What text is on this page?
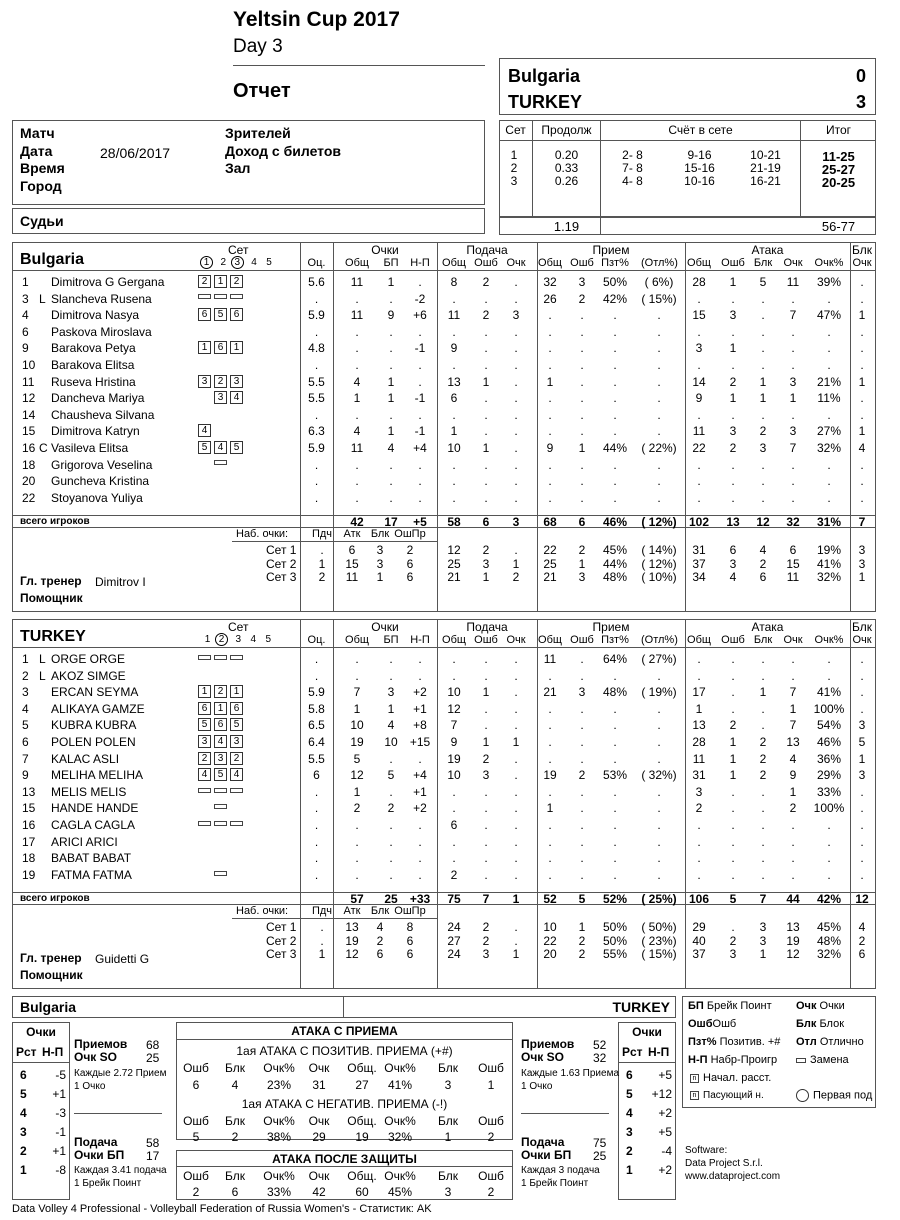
Yeltsin Cup 2017
Day 3
Отчет
Bulgaria	0
TURKEY	3
Сет	Продолж	Счёт в сете	Итог
1	0.20	2- 8	9-16	10-21	11-25
2	0.33	7- 8	15-16	21-19	25-27
3	0.26	4- 8	10-16	16-21	20-25
1.19	56-77
Матч
Дата	28/06/2017
Время
Город
Зрителей
Доход с билетов
Зал
Судьи
Bulgaria
Сет
1 2 3 4 5	Оц.
Очки	Подача	Прием	Атака	Блк
Общ	БП	Н-П	Общ Ошб Очк	Общ Ошб Пзт%	(Отл%) Общ Ошб Блк	Очк	Очк% Очк
1 Dimitrova G Gergana	2 1 2	5.6	11	1	.	8	2	.	32	3	50%	( 6%)	28	1	5	11	39%	.
3 L Slancheva Rusena	.	.	.	-2	.	.	.	26	2	42%	( 15%)	.	.	.	.	.	.
4 Dimitrova Nasya	6 5 6	5.9	11	9	+6	11	2	3	.	.	.	.	15	3	.	7	47%	1
6 Paskova Miroslava	.	.	.	.	.	.	.	.	.	.	.	.	.	.	.	.	.
9 Barakova Petya	1 6 1	4.8	.	.	-1	9	.	.	.	.	.	.	3	1	.	.	.	.
10 Barakova Elitsa	.	.	.	.	.	.	.	.	.	.	.	.	.	.	.	.	.
11 Ruseva Hristina	3 2 3	5.5	4	1	.	13	1	.	1	.	.	.	14	2	1	3	21%	1
12 Dancheva Mariya	3 4	5.5	1	1	-1	6	.	.	.	.	.	.	9	1	1	1	11%	.
14 Chausheva Silvana	.	.	.	.	.	.	.	.	.	.	.	.	.	.	.	.	.
15 Dimitrova Katryn	4	6.3	4	1	-1	1	.	.	.	.	.	.	11	3	2	3	27%	1
16 C Vasileva Elitsa	5 4 5	5.9	11	4	+4	10	1	.	9	1	44%	( 22%)	22	2	3	7	32%	4
18 Grigorova Veselina	.	.	.	.	.	.	.	.	.	.	.	.	.	.	.	.	.
20 Guncheva Kristina	.	.	.	.	.	.	.	.	.	.	.	.	.	.	.	.	.
22 Stoyanova Yuliya	.	.	.	.	.	.	.	.	.	.	.	.	.	.	.	.	.
всего игроков	42	17	+5	58	6	3	68	6	46%	( 12%)	102	13	12	32	31%	7
Наб. очки:	Пдч	Атк Блк ОшПр
Сет 1	.	6	3	2	12	2	.	22	2	45%	( 14%)	31	6	4	6	19%	3
Сет 2	1	15	3	6	25	3	1	25	1	44%	( 12%)	37	3	2	15	41%	3
Сет 3	2	11	1	6	21	1	2	21	3	48%	( 10%)	34	4	6	11	32%	1
Гл. тренер Dimitrov I
Помощник
TURKEY
Сет
1 2 3 4 5	Оц.
Очки	Подача	Прием	Атака	Блк
Общ	БП	Н-П	Общ Ошб Очк	Общ Ошб Пзт%	(Отл%) Общ Ошб Блк	Очк	Очк% Очк
1 L ORGE ORGE	.	.	.	.	.	.	.	11	.	64%	( 27%)	.	.	.	.	.	.
2 L AKOZ SIMGE	.	.	.	.	.	.	.	.	.	.	.	.	.	.	.	.	.
3 ERCAN SEYMA	1 2 1	5.9	7	3	+2	10	1	.	21	3	48%	( 19%)	17	.	1	7	41%	.
4 ALIKAYA GAMZE	6 1 6	5.8	1	1	+1	12	.	.	.	.	.	.	1	.	.	1	100%	.
5 KUBRA KUBRA	5 6 5	6.5	10	4	+8	7	.	.	.	.	.	.	13	2	.	7	54%	3
6 POLEN POLEN	3 4 3	6.4	19	10	+15	9	1	1	.	.	.	.	28	1	2	13	46%	5
7 KALAC ASLI	2 3 2	5.5	5	.	.	19	2	.	.	.	.	.	11	1	2	4	36%	1
9 MELIHA MELIHA	4 5 4	6	12	5	+4	10	3	.	19	2	53%	( 32%)	31	1	2	9	29%	3
13 MELIS MELIS	.	1	.	+1	.	.	.	.	.	.	.	3	.	.	1	33%	.
15 HANDE HANDE	.	2	2	+2	.	.	.	1	.	.	.	2	.	.	2	100%	.
16 CAGLA CAGLA	.	.	.	.	6	.	.	.	.	.	.	.	.	.	.	.	.
17 ARICI ARICI	.	.	.	.	.	.	.	.	.	.	.	.	.	.	.	.	.
18 BABAT BABAT	.	.	.	.	.	.	.	.	.	.	.	.	.	.	.	.	.
19 FATMA FATMA	.	.	.	.	2	.	.	.	.	.	.	.	.	.	.	.	.
всего игроков	57	25	+33	75	7	1	52	5	52%	( 25%)	106	5	7	44	42%	12
Наб. очки:	Пдч	Атк Блк ОшПр
Сет 1	.	13	4	8	24	2	.	10	1	50%	( 50%)	29	.	3	13	45%	4
Сет 2	.	19	2	6	27	2	.	22	2	50%	( 23%)	40	2	3	19	48%	2
Сет 3	1	12	6	6	24	3	1	20	2	55%	( 15%)	37	3	1	12	32%	6
Гл. тренер Guidetti G
Помощник
Bulgaria	TURKEY
Очки
Рст Н-П
6	-5
5	+1
4	-3
3	-1
2	+1
1	-8
Очки
Рст Н-П
6	+5
5	+12
4	+2
3	+5
2	-4
1	+2
Приемов 68
Очк SO 25
Каждые 2.72 Прием
1 Очко
Подача 58
Очки БП 17
Каждая 3.41 подача
1 Брейк Поинт
Приемов 52
Очк SO 32
Каждые 1.63 Приема
1 Очко
Подача 75
Очки БП 25
Каждая 3 подача
1 Брейк Поинт
АТАКА С ПРИЕМА
1ая АТАКА С ПОЗИТИВ. ПРИЕМА (+#)
Ошб	Блк	Очк%	Очк	Общ. Очк%	Блк	Ошб
6	4	23%	31	27	41%	3	1
1ая АТАКА С НЕГАТИВ. ПРИЕМА (-!)
Ошб	Блк	Очк%	Очк	Общ. Очк%	Блк	Ошб
5	2	38%	29	19	32%	1	2
АТАКА ПОСЛЕ ЗАЩИТЫ
Ошб	Блк	Очк%	Очк	Общ. Очк%	Блк	Ошб
2	6	33%	42	60	45%	3	2
БП Брейк Поинт Очк Очки
ОшбОшб	Блк Блок
Пзт% Позитив. +# Отл Отлично
Н-П Набр-Проигр	Замена
n Начал. расст.
n Пасующий н.	Первая под
Software:
Data Project S.r.l.
www.dataproject.com
Data Volley 4 Professional - Volleyball Federation of Russia Women's - Статистик: AK
